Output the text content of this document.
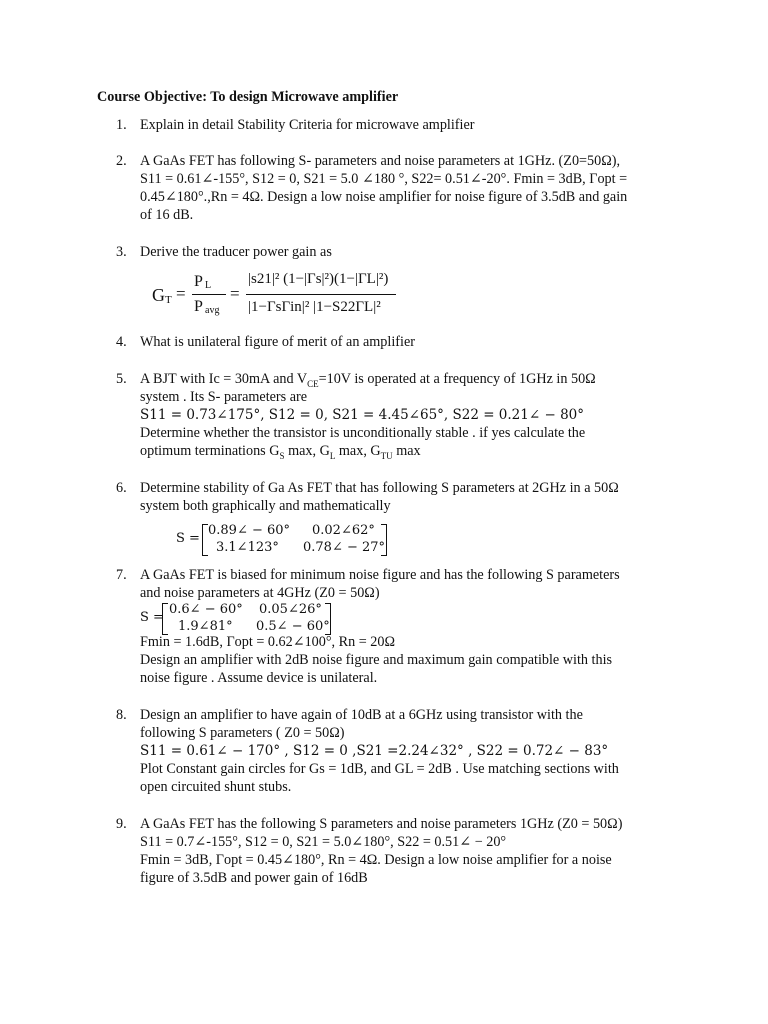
Course Objective: To design Microwave amplifier
1. Explain in detail Stability Criteria for microwave amplifier
2. A GaAs FET has following S- parameters and noise parameters at 1GHz. (Z0=50Ω),
S11 = 0.61∠-155°, S12 = 0, S21 = 5.0 ∠180 °, S22= 0.51∠-20°. Fmin = 3dB, Γopt =
0.45∠180°.,Rn = 4Ω. Design a low noise amplifier for noise figure of 3.5dB and gain
of 16 dB.
3. Derive the traducer power gain as
G T =
P L
P avg
=
|s21|² (1−|Γs|²)(1−|ΓL|²)
|1−ΓsΓin|² |1−S22ΓL|²
4. What is unilateral figure of merit of an amplifier
5. A BJT with Ic = 30mA and $V_{CE}=10V$ is operated at a frequency of 1GHz in 50Ω
system . Its S- parameters are
S11 = 0.73∠175°, S12 = 0, S21 = 4.45∠65°, S22 = 0.21∠ − 80°
Determine whether the transistor is unconditionally stable . if yes calculate the
optimum terminations $G_S$ max, $G_L$ max, $G_{TU}$ max
6. Determine stability of Ga As FET that has following S parameters at 2GHz in a 50Ω
system both graphically and mathematically
S =
0.89∠ − 60° 0.02∠62°
3.1∠123° 0.78∠ − 27°
7. A GaAs FET is biased for minimum noise figure and has the following S parameters
and noise parameters at 4GHz (Z0 = 50Ω)
S =
0.6∠ − 60° 0.05∠26°
1.9∠81° 0.5∠ − 60°
Fmin = 1.6dB, Γopt = 0.62∠100°, Rn = 20Ω
Design an amplifier with 2dB noise figure and maximum gain compatible with this
noise figure . Assume device is unilateral.
8. Design an amplifier to have again of 10dB at a 6GHz using transistor with the
following S parameters ( Z0 = 50Ω)
S11 = 0.61∠ − 170° , S12 = 0 ,S21 =2.24∠32° , S22 = 0.72∠ − 83°
Plot Constant gain circles for Gs = 1dB, and GL = 2dB . Use matching sections with
open circuited shunt stubs.
9. A GaAs FET has the following S parameters and noise parameters 1GHz (Z0 = 50Ω)
S11 = 0.7∠-155°, S12 = 0, S21 = 5.0∠180°, S22 = 0.51∠ − 20°
Fmin = 3dB, Γopt = 0.45∠180°, Rn = 4Ω. Design a low noise amplifier for a noise
figure of 3.5dB and power gain of 16dB
